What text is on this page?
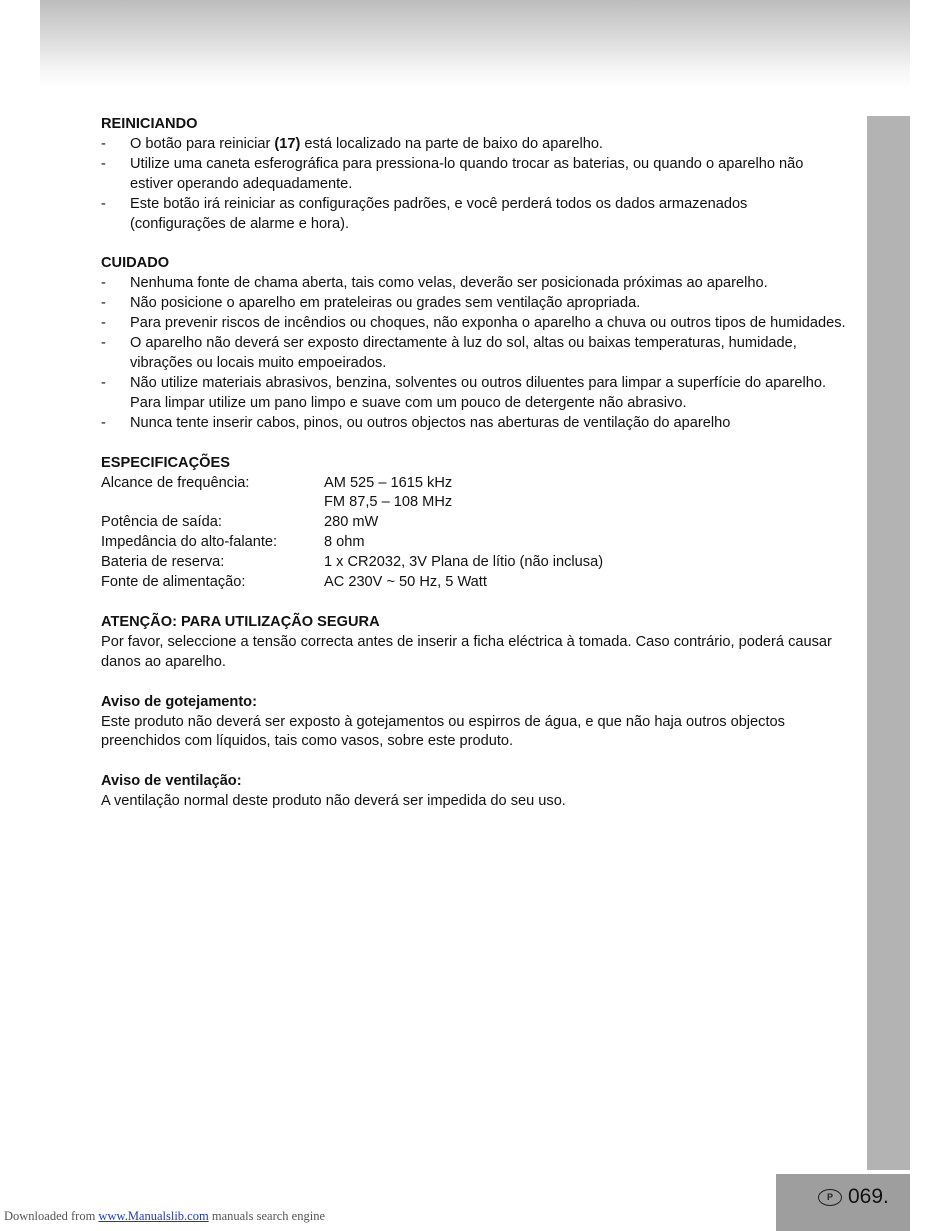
REINICIANDO

- O botão para reiniciar (17) está localizado na parte de baixo do aparelho.
- Utilize uma caneta esferográfica para pressiona-lo quando trocar as baterias, ou quando o aparelho não estiver operando adequadamente.
- Este botão irá reiniciar as configurações padrões, e você perderá todos os dados armazenados (configurações de alarme e hora).

CUIDADO

- Nenhuma fonte de chama aberta, tais como velas, deverão ser posicionada próximas ao aparelho.
- Não posicione o aparelho em prateleiras ou grades sem ventilação apropriada.
- Para prevenir riscos de incêndios ou choques, não exponha o aparelho a chuva ou outros tipos de humidades.
- O aparelho não deverá ser exposto directamente à luz do sol, altas ou baixas temperaturas, humidade, vibrações ou locais muito empoeirados.
- Não utilize materiais abrasivos, benzina, solventes ou outros diluentes para limpar a superfície do aparelho. Para limpar utilize um pano limpo e suave com um pouco de detergente não abrasivo.
- Nunca tente inserir cabos, pinos, ou outros objectos nas aberturas de ventilação do aparelho

ESPECIFICAÇÕES

Alcance de frequência:	AM 525 – 1615 kHz
FM 87,5 – 108 MHz
Potência de saída:	280 mW
Impedância do alto-falante:	8 ohm
Bateria de reserva:	1 x CR2032, 3V Plana de lítio (não inclusa)
Fonte de alimentação:	AC 230V ~ 50 Hz, 5 Watt

ATENÇÃO: PARA UTILIZAÇÃO SEGURA

Por favor, seleccione a tensão correcta antes de inserir a ficha eléctrica à tomada. Caso contrário, poderá causar danos ao aparelho.

Aviso de gotejamento:

Este produto não deverá ser exposto à gotejamentos ou espirros de água, e que não haja outros objectos preenchidos com líquidos, tais como vasos, sobre este produto.

Aviso de ventilação:

A ventilação normal deste produto não deverá ser impedida do seu uso.

P 069.
Downloaded from www.Manualslib.com manuals search engine
